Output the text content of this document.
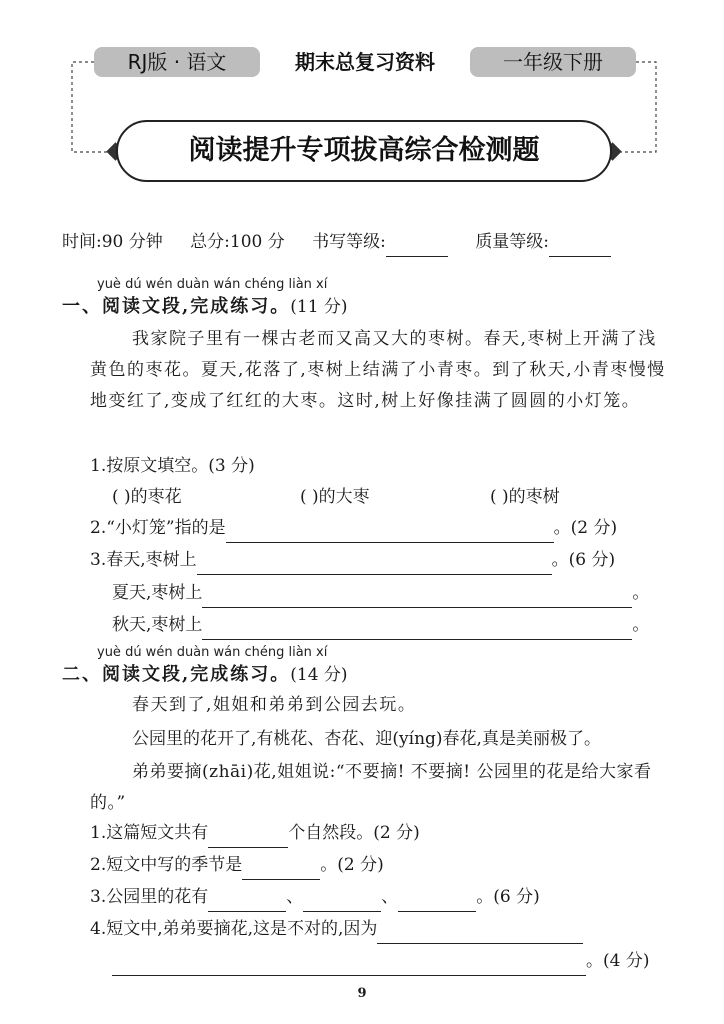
RJ版 · 语文	期末总复习资料	一年级下册
阅读提升专项拔高综合检测题
时间:90 分钟 总分:100 分 书写等级:	质量等级:
yuè dú wén duàn wán chéng liàn xí
一、阅读文段,完成练习。(11 分)
我家院子里有一棵古老而又高又大的枣树。春天,枣树上开满了浅黄色的枣花。夏天,花落了,枣树上结满了小青枣。到了秋天,小青枣慢慢地变红了,变成了红红的大枣。这时,树上好像挂满了圆圆的小灯笼。
1.按原文填空。(3 分)
( )的枣花	( )的大枣	( )的枣树
2.“小灯笼”指的是	。(2 分)
3.春天,枣树上	。(6 分)
夏天,枣树上	。
秋天,枣树上	。
yuè dú wén duàn wán chéng liàn xí
二、阅读文段,完成练习。(14 分)
春天到了,姐姐和弟弟到公园去玩。
公园里的花开了,有桃花、杏花、迎(yíng)春花,真是美丽极了。
弟弟要摘(zhāi)花,姐姐说:“不要摘! 不要摘! 公园里的花是给大家看的。”
1.这篇短文共有	个自然段。(2 分)
2.短文中写的季节是	。(2 分)
3.公园里的花有	、	、	。(6 分)
4.短文中,弟弟要摘花,这是不对的,因为
。(4 分)
9
